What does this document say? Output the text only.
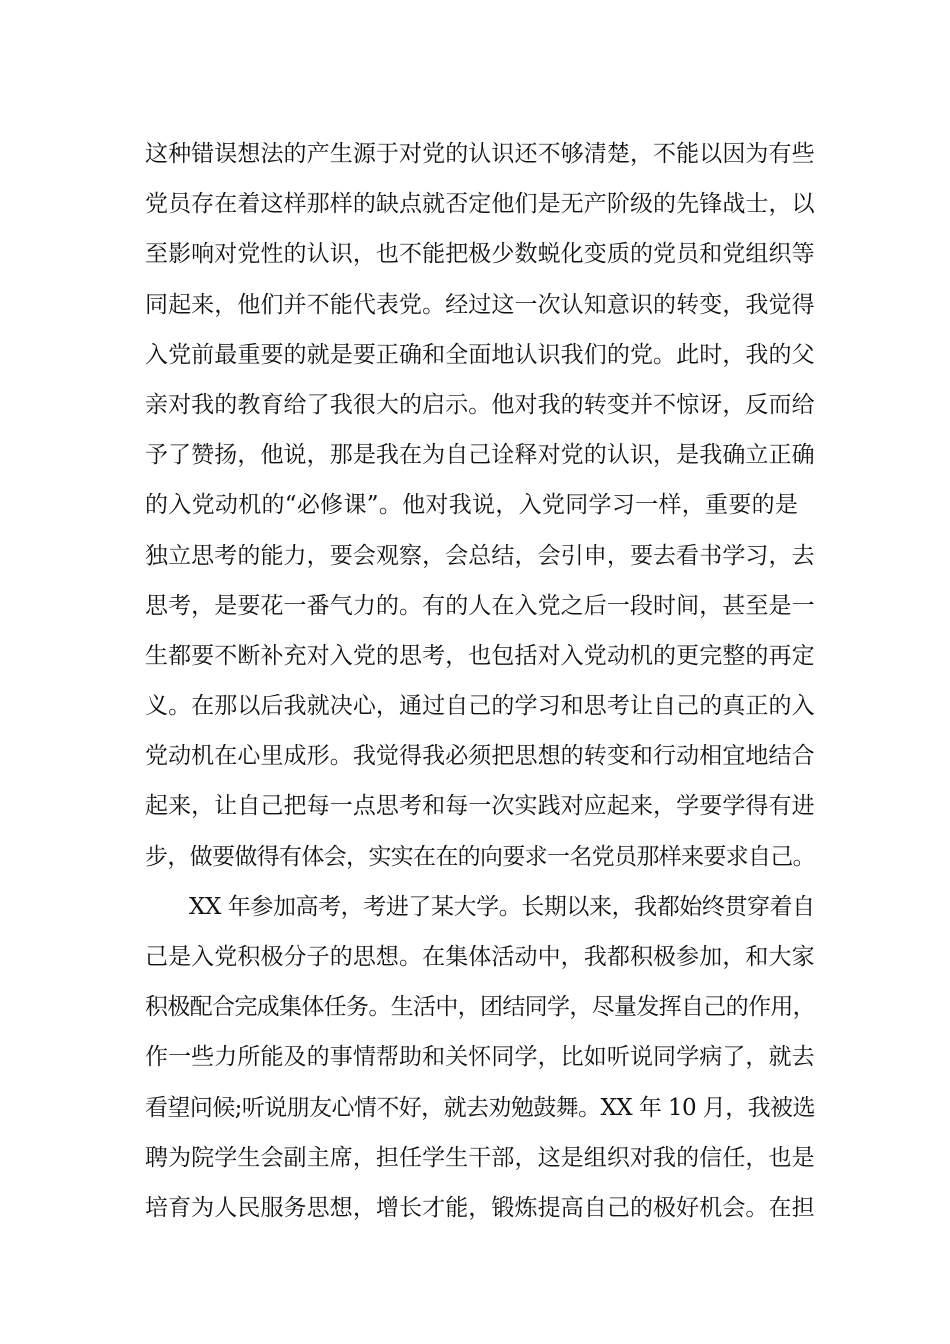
这种错误想法的产生源于对党的认识还不够清楚，不能以因为有些
党员存在着这样那样的缺点就否定他们是无产阶级的先锋战士，以
至影响对党性的认识，也不能把极少数蜕化变质的党员和党组织等
同起来，他们并不能代表党。经过这一次认知意识的转变，我觉得
入党前最重要的就是要正确和全面地认识我们的党。此时，我的父
亲对我的教育给了我很大的启示。他对我的转变并不惊讶，反而给
予了赞扬，他说，那是我在为自己诠释对党的认识，是我确立正确
的入党动机的“必修课”。他对我说，入党同学习一样，重要的是
独立思考的能力，要会观察，会总结，会引申，要去看书学习，去
思考，是要花一番气力的。有的人在入党之后一段时间，甚至是一
生都要不断补充对入党的思考，也包括对入党动机的更完整的再定
义。在那以后我就决心，通过自己的学习和思考让自己的真正的入
党动机在心里成形。我觉得我必须把思想的转变和行动相宜地结合
起来，让自己把每一点思考和每一次实践对应起来，学要学得有进
步，做要做得有体会，实实在在的向要求一名党员那样来要求自己。
XX 年参加高考，考进了某大学。长期以来，我都始终贯穿着自
己是入党积极分子的思想。在集体活动中，我都积极参加，和大家
积极配合完成集体任务。生活中，团结同学，尽量发挥自己的作用，
作一些力所能及的事情帮助和关怀同学，比如听说同学病了，就去
看望问候;听说朋友心情不好，就去劝勉鼓舞。XX 年 10 月，我被选
聘为院学生会副主席，担任学生干部，这是组织对我的信任，也是
培育为人民服务思想，增长才能，锻炼提高自己的极好机会。在担
